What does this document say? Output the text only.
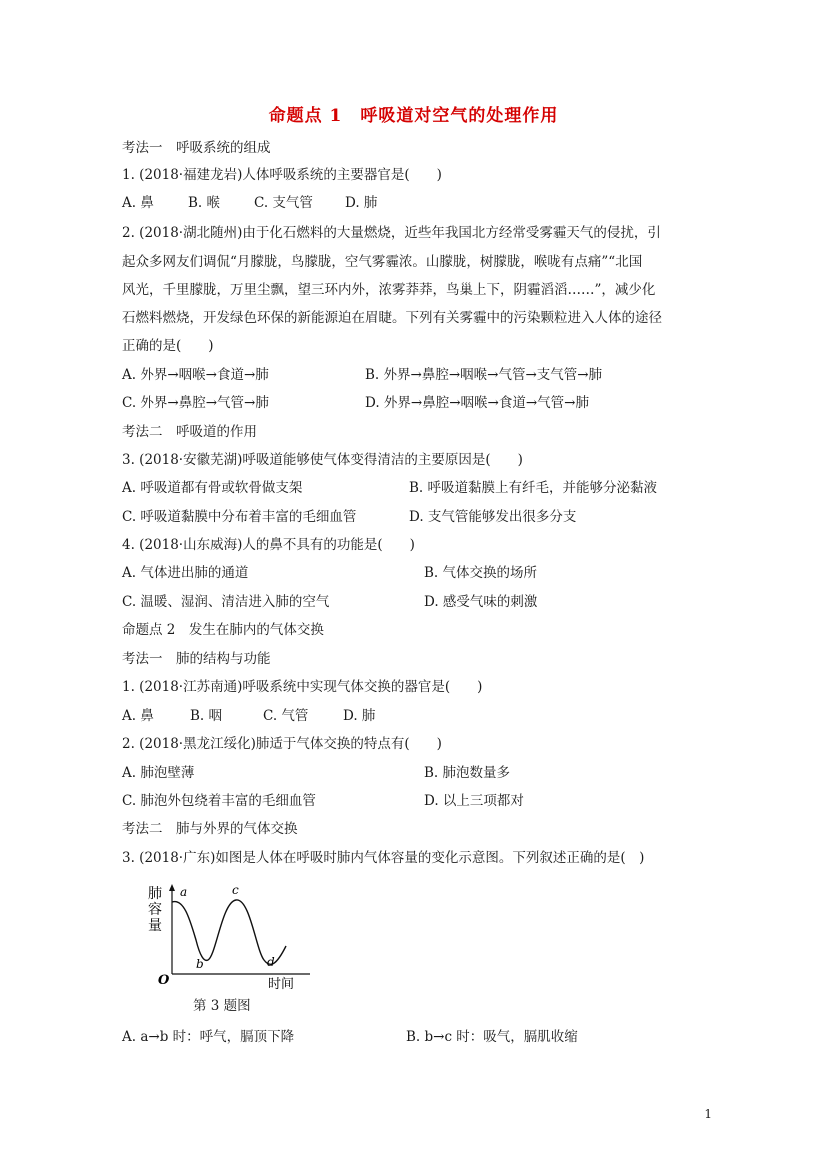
命题点 1　呼吸道对空气的处理作用
考法一　呼吸系统的组成
1. (2018·福建龙岩)人体呼吸系统的主要器官是(　　)
A. 鼻	B. 喉	C. 支气管 D. 肺
2. (2018·湖北随州)由于化石燃料的大量燃烧，近些年我国北方经常受雾霾天气的侵扰，引
起众多网友们调侃“月朦胧，鸟朦胧，空气雾霾浓。山朦胧，树朦胧，喉咙有点痛”“北国
风光，千里朦胧，万里尘飘，望三环内外，浓雾莽莽，鸟巢上下，阴霾滔滔……”，减少化
石燃料燃烧，开发绿色环保的新能源迫在眉睫。下列有关雾霾中的污染颗粒进入人体的途径
正确的是(　　)
A. 外界→咽喉→食道→肺	B. 外界→鼻腔→咽喉→气管→支气管→肺
C. 外界→鼻腔→气管→肺	D. 外界→鼻腔→咽喉→食道→气管→肺
考法二　呼吸道的作用
3. (2018·安徽芜湖)呼吸道能够使气体变得清洁的主要原因是(　　)
A. 呼吸道都有骨或软骨做支架	B. 呼吸道黏膜上有纤毛，并能够分泌黏液
C. 呼吸道黏膜中分布着丰富的毛细血管	D. 支气管能够发出很多分支
4. (2018·山东威海)人的鼻不具有的功能是(　　)
A. 气体进出肺的通道	B. 气体交换的场所
C. 温暖、湿润、清洁进入肺的空气	D. 感受气味的刺激
命题点 2　发生在肺内的气体交换
考法一　肺的结构与功能
1. (2018·江苏南通)呼吸系统中实现气体交换的器官是(　　)
A. 鼻	B. 咽	C. 气管	D. 肺
2. (2018·黑龙江绥化)肺适于气体交换的特点有(　　)
A. 肺泡壁薄	B. 肺泡数量多
C. 肺泡外包绕着丰富的毛细血管	D. 以上三项都对
考法二　肺与外界的气体交换
3. (2018·广东)如图是人体在呼吸时肺内气体容量的变化示意图。下列叙述正确的是(　)
肺
容
量
O	时间
a
b
c
d
第 3 题图
A. a→b 时：呼气，膈顶下降	B. b→c 时：吸气，膈肌收缩
1
